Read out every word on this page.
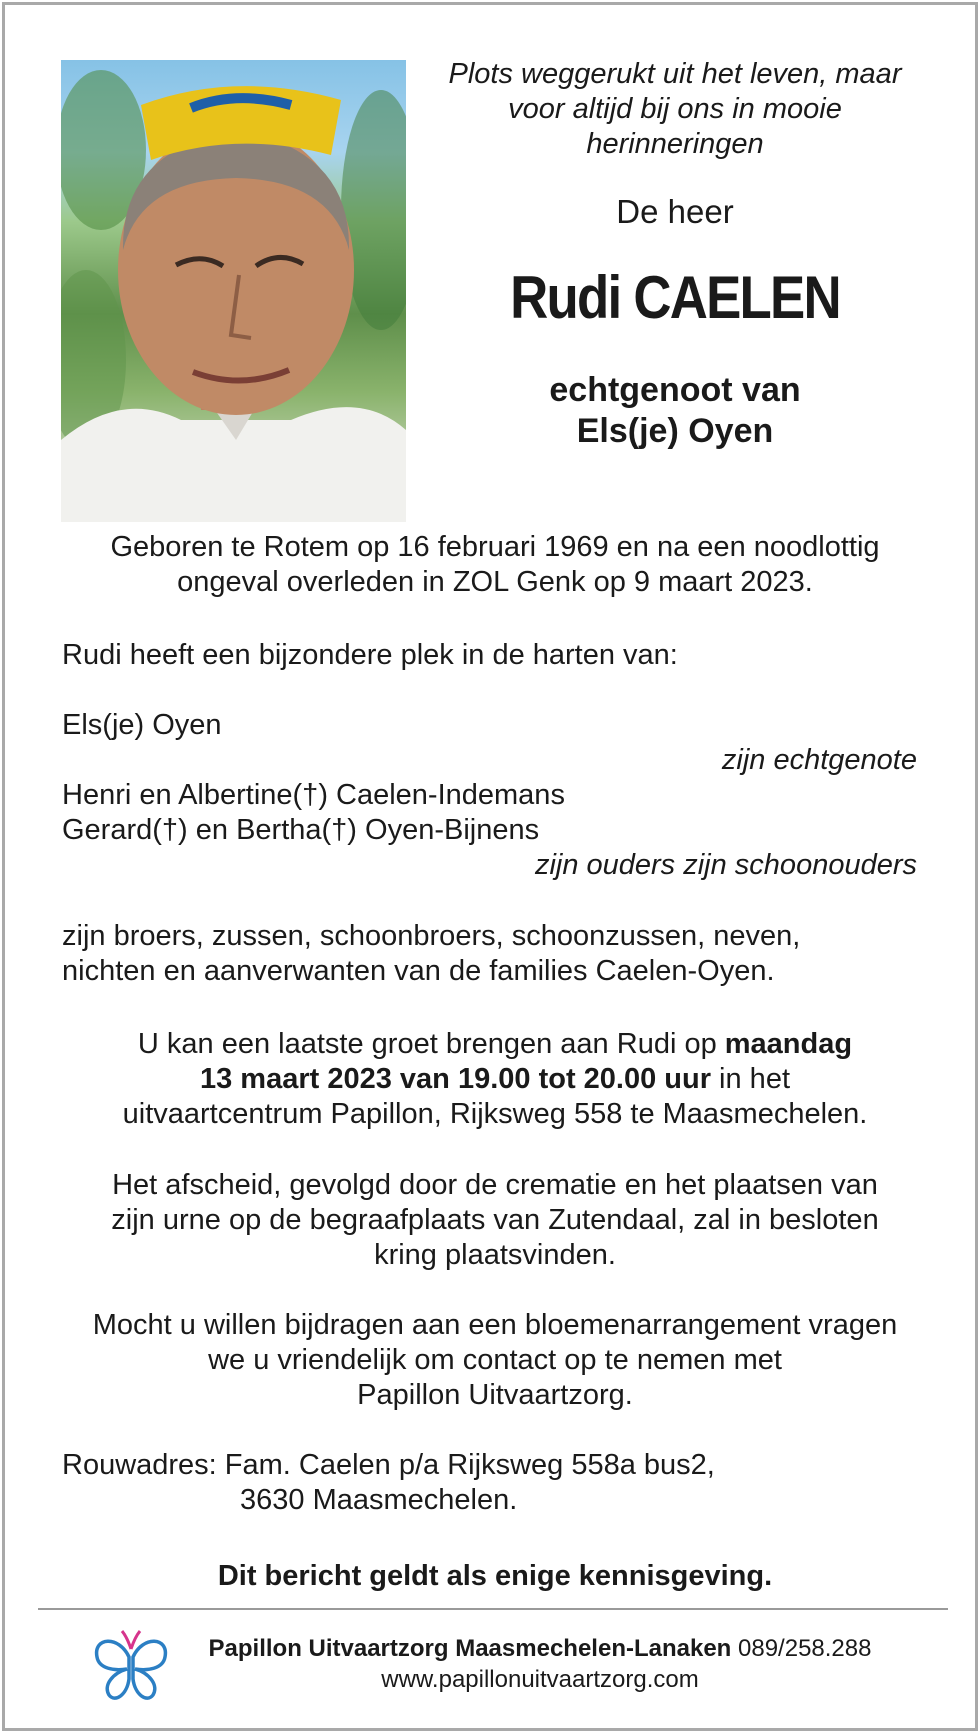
Plots weggerukt uit het leven, maar
voor altijd bij ons in mooie
herinneringen
De heer
Rudi CAELEN
echtgenoot van
Els(je) Oyen
Geboren te Rotem op 16 februari 1969 en na een noodlottig
ongeval overleden in ZOL Genk op 9 maart 2023.
Rudi heeft een bijzondere plek in de harten van:
Els(je) Oyen
zijn echtgenote
Henri en Albertine(†) Caelen-Indemans
Gerard(†) en Bertha(†) Oyen-Bijnens
zijn ouders zijn schoonouders
zijn broers, zussen, schoonbroers, schoonzussen, neven,
nichten en aanverwanten van de families Caelen-Oyen.
U kan een laatste groet brengen aan Rudi op maandag
13 maart 2023 van 19.00 tot 20.00 uur in het
uitvaartcentrum Papillon, Rijksweg 558 te Maasmechelen.
Het afscheid, gevolgd door de crematie en het plaatsen van
zijn urne op de begraafplaats van Zutendaal, zal in besloten
kring plaatsvinden.
Mocht u willen bijdragen aan een bloemenarrangement vragen
we u vriendelijk om contact op te nemen met
Papillon Uitvaartzorg.
Rouwadres: Fam. Caelen p/a Rijksweg 558a bus2,
3630 Maasmechelen.
Dit bericht geldt als enige kennisgeving.
Papillon Uitvaartzorg Maasmechelen-Lanaken 089/258.288
www.papillonuitvaartzorg.com
